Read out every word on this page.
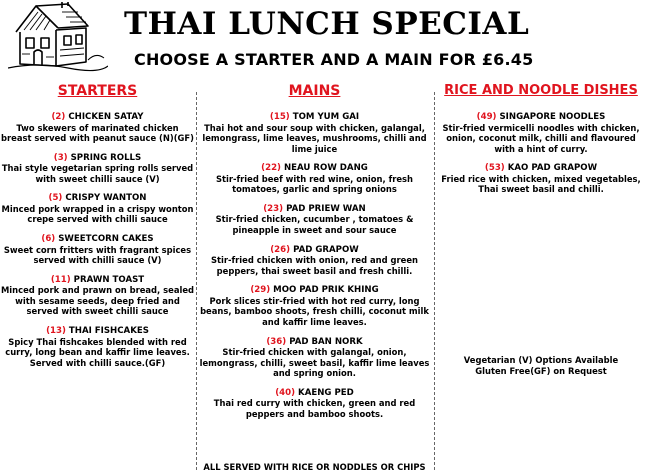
THAI LUNCH SPECIAL
CHOOSE A STARTER AND A MAIN FOR £6.45
STARTERS
(2) CHICKEN SATAY
Two skewers of marinated chicken breast served with peanut sauce (N)(GF)
(3) SPRING ROLLS
Thai style vegetarian spring rolls served with sweet chilli sauce (V)
(5) CRISPY WANTON
Minced pork wrapped in a crispy wonton crepe served with chilli sauce
(6) SWEETCORN CAKES
Sweet corn fritters with fragrant spices served with chilli sauce (V)
(11) PRAWN TOAST
Minced pork and prawn on bread, sealed with sesame seeds, deep fried and served with sweet chilli sauce
(13) THAI FISHCAKES
Spicy Thai fishcakes blended with red curry, long bean and kaffir lime leaves. Served with chilli sauce.(GF)
MAINS
(15) TOM YUM GAI
Thai hot and sour soup with chicken, galangal, lemongrass, lime leaves, mushrooms, chilli and lime juice
(22) NEAU ROW DANG
Stir-fried beef with red wine, onion, fresh tomatoes, garlic and spring onions
(23) PAD PRIEW WAN
Stir-fried chicken, cucumber , tomatoes & pineapple in sweet and sour sauce
(26) PAD GRAPOW
Stir-fried chicken with onion, red and green peppers, thai sweet basil and fresh chilli.
(29) MOO PAD PRIK KHING
Pork slices stir-fried with hot red curry, long beans, bamboo shoots, fresh chilli, coconut milk and kaffir lime leaves.
(36) PAD BAN NORK
Stir-fried chicken with galangal, onion, lemongrass, chilli, sweet basil, kaffir lime leaves and spring onion.
(40) KAENG PED
Thai red curry with chicken, green and red peppers and bamboo shoots.
ALL SERVED WITH RICE OR NODDLES OR CHIPS
RICE AND NOODLE DISHES
(49) SINGAPORE NOODLES
Stir-fried vermicelli noodles with chicken, onion, coconut milk, chilli and flavoured with a hint of curry.
(53) KAO PAD GRAPOW
Fried rice with chicken, mixed vegetables, Thai sweet basil and chilli.
Vegetarian (V) Options Available
Gluten Free(GF) on Request
